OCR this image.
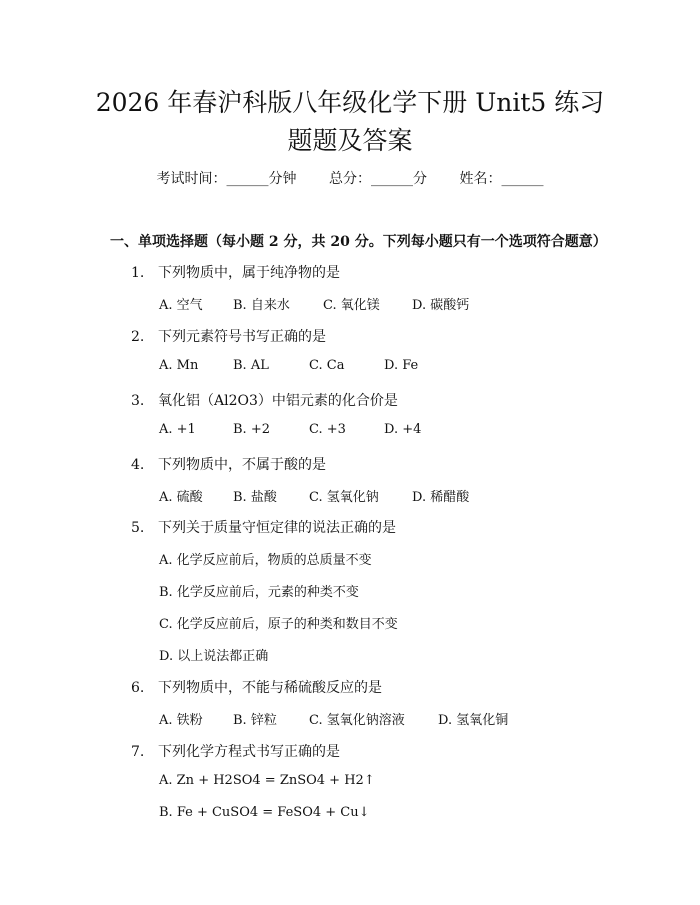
2026 年春沪科版八年级化学下册 Unit5 练习
题题及答案
考试时间：______分钟 总分：______分 姓名：______
一、单项选择题（每小题 2 分，共 20 分。下列每小题只有一个选项符合题意）
1. 下列物质中，属于纯净物的是
A. 空气 B. 自来水	C. 氧化镁 D. 碳酸钙
2. 下列元素符号书写正确的是
A. Mn	B. AL	C. Ca	D. Fe
3. 氧化铝（Al2O3）中铝元素的化合价是
A. +1	B. +2	C. +3	D. +4
4. 下列物质中，不属于酸的是
A. 硫酸 B. 盐酸 C. 氢氧化钠	D. 稀醋酸
5. 下列关于质量守恒定律的说法正确的是
A. 化学反应前后，物质的总质量不变
B. 化学反应前后，元素的种类不变
C. 化学反应前后，原子的种类和数目不变
D. 以上说法都正确
6. 下列物质中，不能与稀硫酸反应的是
A. 铁粉 B. 锌粒 C. 氢氧化钠溶液	D. 氢氧化铜
7. 下列化学方程式书写正确的是
A. Zn + H2SO4 = ZnSO4 + H2↑
B. Fe + CuSO4 = FeSO4 + Cu↓
